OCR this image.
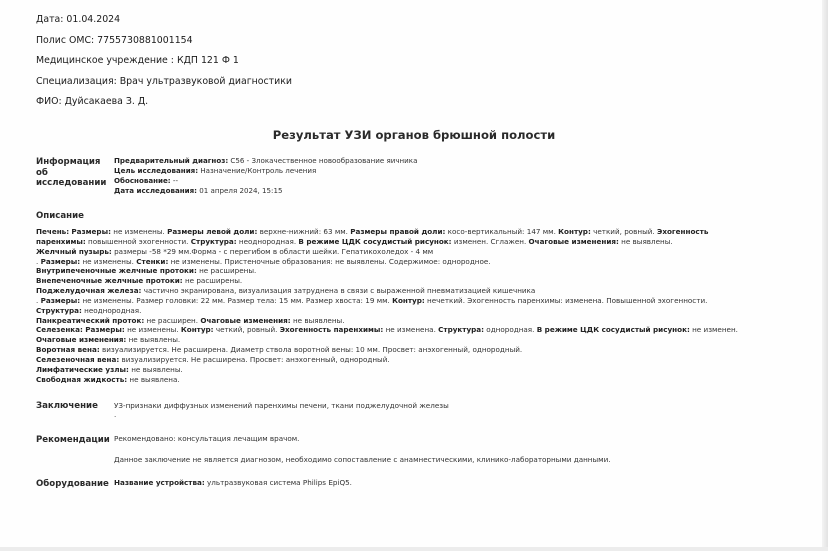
Дата: 01.04.2024
Полис ОМС: 7755730881001154
Медицинское учреждение : КДП 121 Ф 1
Специализация: Врач ультразвуковой диагностики
ФИО: Дуйсакаева З. Д.
Результат УЗИ органов брюшной полости
Информация об исследовании
Предварительный диагноз: C56 - Злокачественное новообразование яичника
Цель исследования: Назначение/Контроль лечения
Обоснование: --
Дата исследования: 01 апреля 2024, 15:15
Описание
Печень: Размеры: не изменены. Размеры левой доли: верхне-нижний: 63 мм. Размеры правой доли: косо-вертикальный: 147 мм. Контур: четкий, ровный. Эхогенность
паренхимы: повышенной эхогенности. Структура: неоднородная. В режиме ЦДК сосудистый рисунок: изменен. Сглажен. Очаговые изменения: не выявлены.
Желчный пузырь: размеры -58 *29 мм.Форма - с перегибом в области шейки. Гепатикохоледох - 4 мм
. Размеры: не изменены. Стенки: не изменены. Пристеночные образования: не выявлены. Содержимое: однородное.
Внутрипеченочные желчные протоки: не расширены.
Внепеченочные желчные протоки: не расширены.
Поджелудочная железа: частично экранирована, визуализация затруднена в связи с выраженной пневматизацией кишечника
. Размеры: не изменены. Размер головки: 22 мм. Размер тела: 15 мм. Размер хвоста: 19 мм. Контур: нечеткий. Эхогенность паренхимы: изменена. Повышенной эхогенности.
Структура: неоднородная.
Панкреатический проток: не расширен. Очаговые изменения: не выявлены.
Селезенка: Размеры: не изменены. Контур: четкий, ровный. Эхогенность паренхимы: не изменена. Структура: однородная. В режиме ЦДК сосудистый рисунок: не изменен.
Очаговые изменения: не выявлены.
Воротная вена: визуализируется. Не расширена. Диаметр ствола воротной вены: 10 мм. Просвет: анэхогенный, однородный.
Селезеночная вена: визуализируется. Не расширена. Просвет: анэхогенный, однородный.
Лимфатические узлы: не выявлены.
Свободная жидкость: не выявлена.
Заключение УЗ-признаки диффузных изменений паренхимы печени, ткани поджелудочной железы
.
Рекомендации Рекомендовано: консультация лечащим врачом.
Данное заключение не является диагнозом, необходимо сопоставление с анамнестическими, клинико-лабораторными данными.
Оборудование Название устройства: ультразвуковая система Philips EpiQ5.
